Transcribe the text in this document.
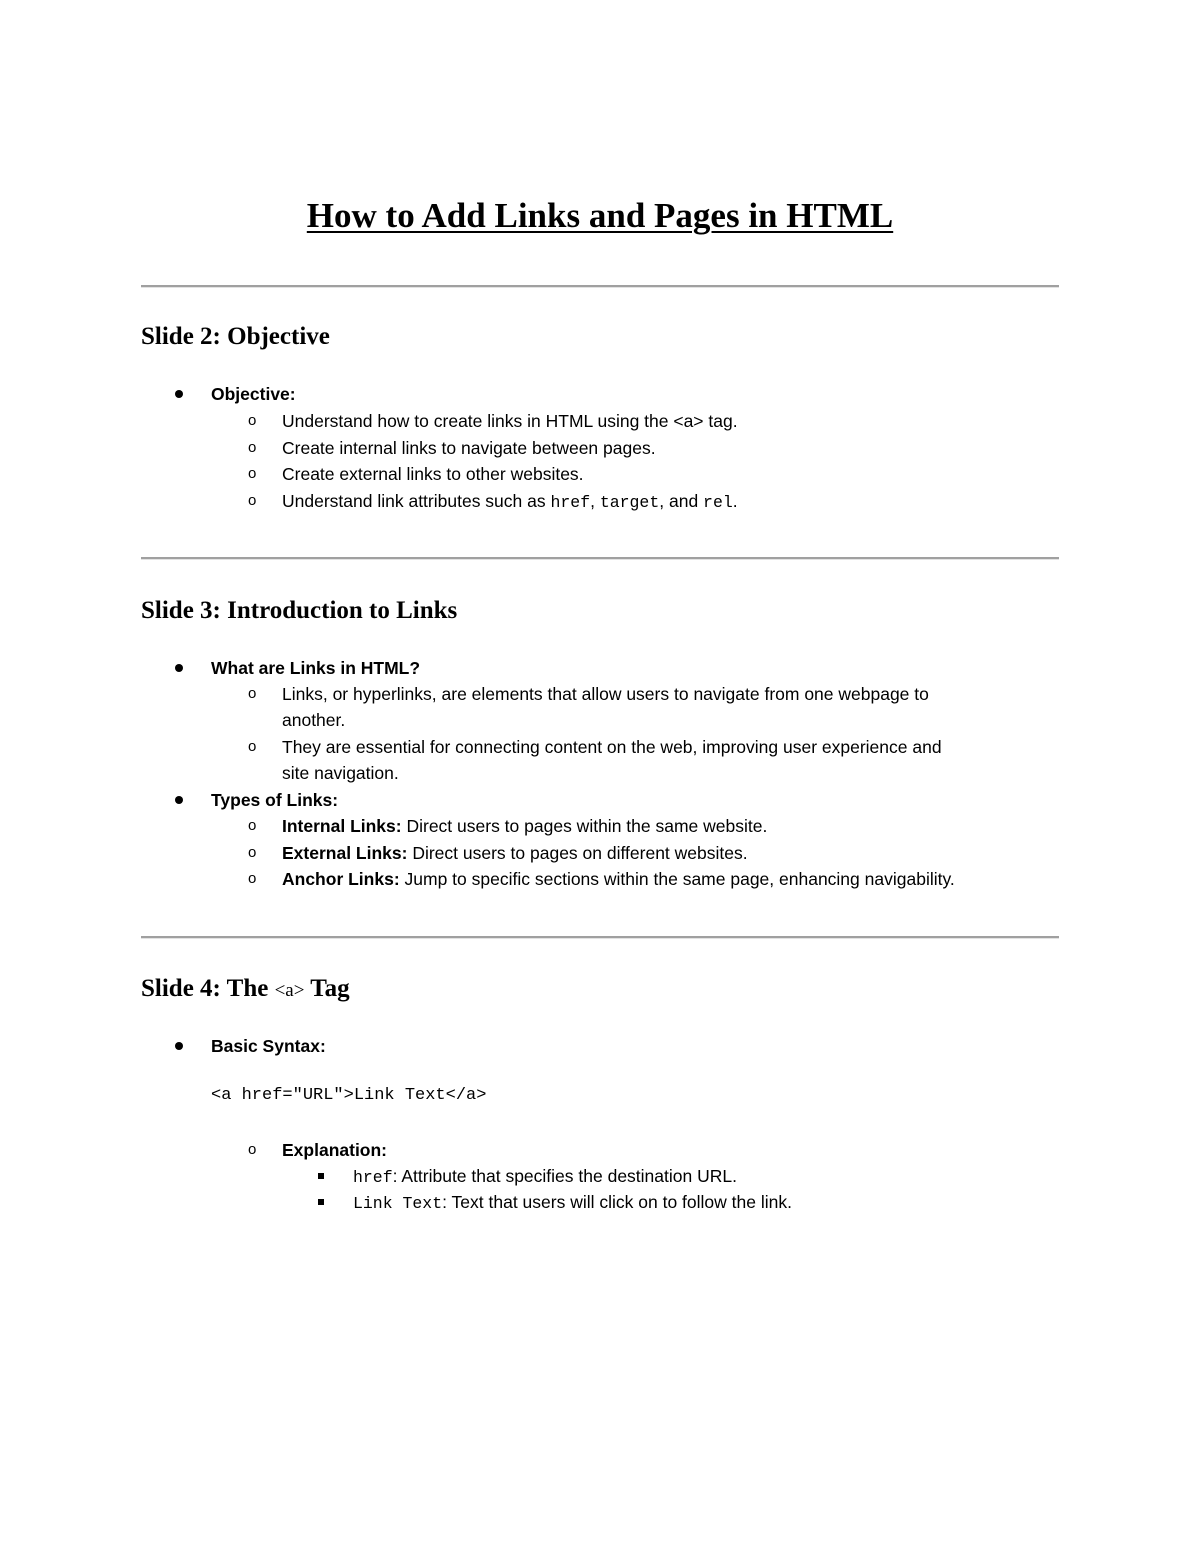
How to Add Links and Pages in HTML
Slide 2: Objective
Objective:
o Understand how to create links in HTML using the <a> tag.
o Create internal links to navigate between pages.
o Create external links to other websites.
o Understand link attributes such as href, target, and rel.
Slide 3: Introduction to Links
What are Links in HTML?
o Links, or hyperlinks, are elements that allow users to navigate from one webpage to
another.
o They are essential for connecting content on the web, improving user experience and
site navigation.
Types of Links:
o Internal Links: Direct users to pages within the same website.
o External Links: Direct users to pages on different websites.
o Anchor Links: Jump to specific sections within the same page, enhancing navigability.
Slide 4: The <a> Tag
Basic Syntax:
<a href="URL">Link Text</a>
o Explanation:
href: Attribute that specifies the destination URL.
Link Text: Text that users will click on to follow the link.
